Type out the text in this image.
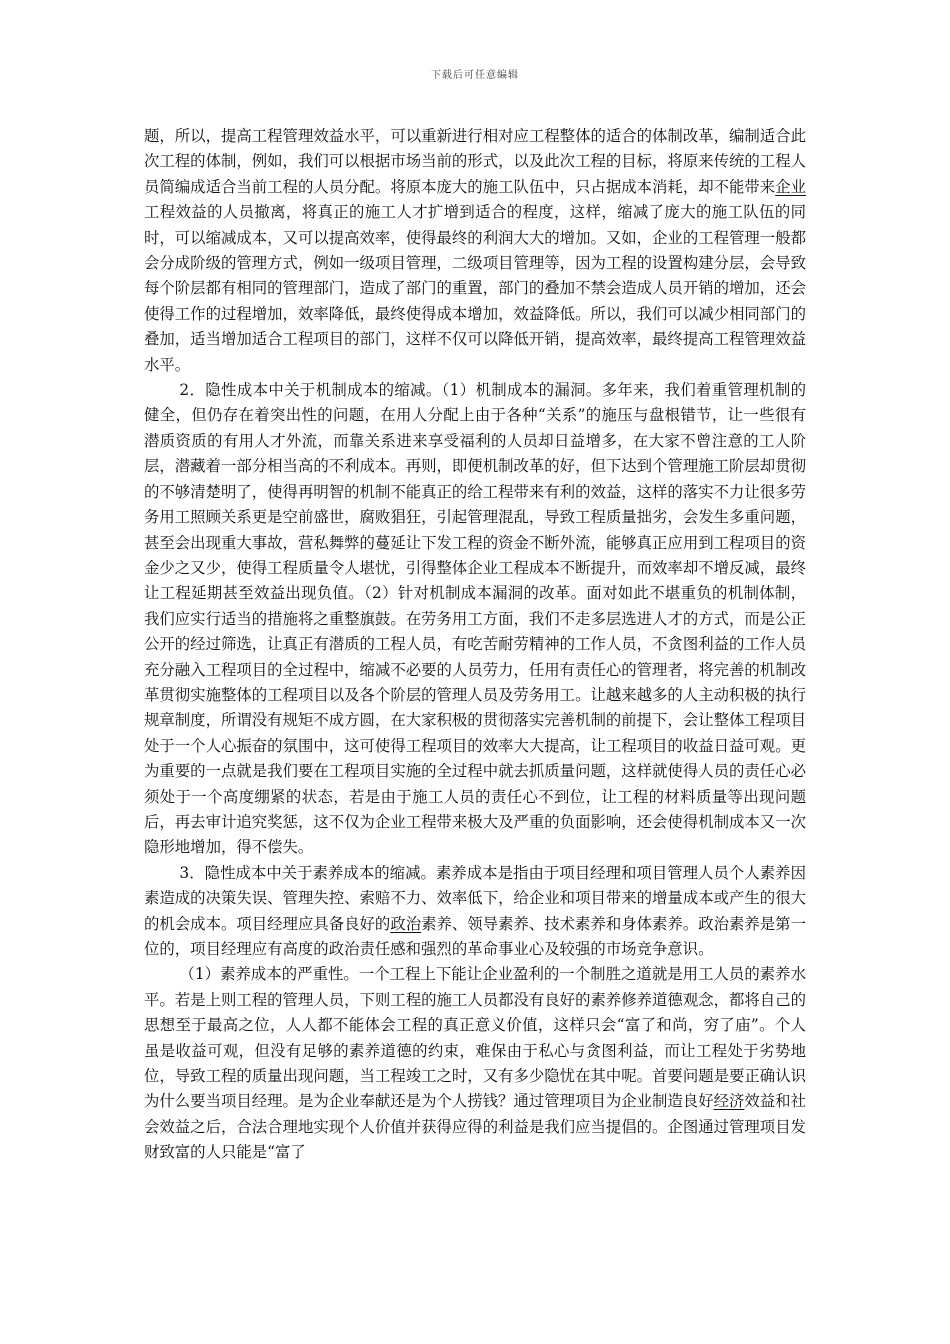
下载后可任意编辑

题，所以，提高工程管理效益水平，可以重新进行相对应工程整体的适合的体制改革，编制适合此次工程的体制，例如，我们可以根据市场当前的形式，以及此次工程的目标，将原来传统的工程人员简编成适合当前工程的人员分配。将原本庞大的施工队伍中，只占据成本消耗，却不能带来企业工程效益的人员撤离，将真正的施工人才扩增到适合的程度，这样，缩减了庞大的施工队伍的同时，可以缩减成本，又可以提高效率，使得最终的利润大大的增加。又如，企业的工程管理一般都会分成阶级的管理方式，例如一级项目管理，二级项目管理等，因为工程的设置构建分层，会导致每个阶层都有相同的管理部门，造成了部门的重置，部门的叠加不禁会造成人员开销的增加，还会使得工作的过程增加，效率降低，最终使得成本增加，效益降低。所以，我们可以减少相同部门的叠加，适当增加适合工程项目的部门，这样不仅可以降低开销，提高效率，最终提高工程管理效益水平。

2．隐性成本中关于机制成本的缩减。（1）机制成本的漏洞。多年来，我们着重管理机制的健全，但仍存在着突出性的问题，在用人分配上由于各种“关系”的施压与盘根错节，让一些很有潜质资质的有用人才外流，而靠关系进来享受福利的人员却日益增多，在大家不曾注意的工人阶层，潜藏着一部分相当高的不利成本。再则，即便机制改革的好，但下达到个管理施工阶层却贯彻的不够清楚明了，使得再明智的机制不能真正的给工程带来有利的效益，这样的落实不力让很多劳务用工照顾关系更是空前盛世，腐败猖狂，引起管理混乱，导致工程质量拙劣，会发生多重问题，甚至会出现重大事故，营私舞弊的蔓延让下发工程的资金不断外流，能够真正应用到工程项目的资金少之又少，使得工程质量令人堪忧，引得整体企业工程成本不断提升，而效率却不增反减，最终让工程延期甚至效益出现负值。（2）针对机制成本漏洞的改革。面对如此不堪重负的机制体制，我们应实行适当的措施将之重整旗鼓。在劳务用工方面，我们不走多层选进人才的方式，而是公正公开的经过筛选，让真正有潜质的工程人员，有吃苦耐劳精神的工作人员，不贪图利益的工作人员充分融入工程项目的全过程中，缩减不必要的人员劳力，任用有责任心的管理者，将完善的机制改革贯彻实施整体的工程项目以及各个阶层的管理人员及劳务用工。让越来越多的人主动积极的执行规章制度，所谓没有规矩不成方圆，在大家积极的贯彻落实完善机制的前提下，会让整体工程项目处于一个人心振奋的氛围中，这可使得工程项目的效率大大提高，让工程项目的收益日益可观。更为重要的一点就是我们要在工程项目实施的全过程中就去抓质量问题，这样就使得人员的责任心必须处于一个高度绷紧的状态，若是由于施工人员的责任心不到位，让工程的材料质量等出现问题后，再去审计追究奖惩，这不仅为企业工程带来极大及严重的负面影响，还会使得机制成本又一次隐形地增加，得不偿失。

3．隐性成本中关于素养成本的缩减。素养成本是指由于项目经理和项目管理人员个人素养因素造成的决策失误、管理失控、索赔不力、效率低下，给企业和项目带来的增量成本或产生的很大的机会成本。项目经理应具备良好的政治素养、领导素养、技术素养和身体素养。政治素养是第一位的，项目经理应有高度的政治责任感和强烈的革命事业心及较强的市场竞争意识。

（1）素养成本的严重性。一个工程上下能让企业盈利的一个制胜之道就是用工人员的素养水平。若是上则工程的管理人员，下则工程的施工人员都没有良好的素养修养道德观念，都将自己的思想至于最高之位，人人都不能体会工程的真正意义价值，这样只会“富了和尚，穷了庙”。个人虽是收益可观，但没有足够的素养道德的约束，难保由于私心与贪图利益，而让工程处于劣势地位，导致工程的质量出现问题，当工程竣工之时，又有多少隐忧在其中呢。首要问题是要正确认识为什么要当项目经理。是为企业奉献还是为个人捞钱？通过管理项目为企业制造良好经济效益和社会效益之后，合法合理地实现个人价值并获得应得的利益是我们应当提倡的。企图通过管理项目发财致富的人只能是“富了
